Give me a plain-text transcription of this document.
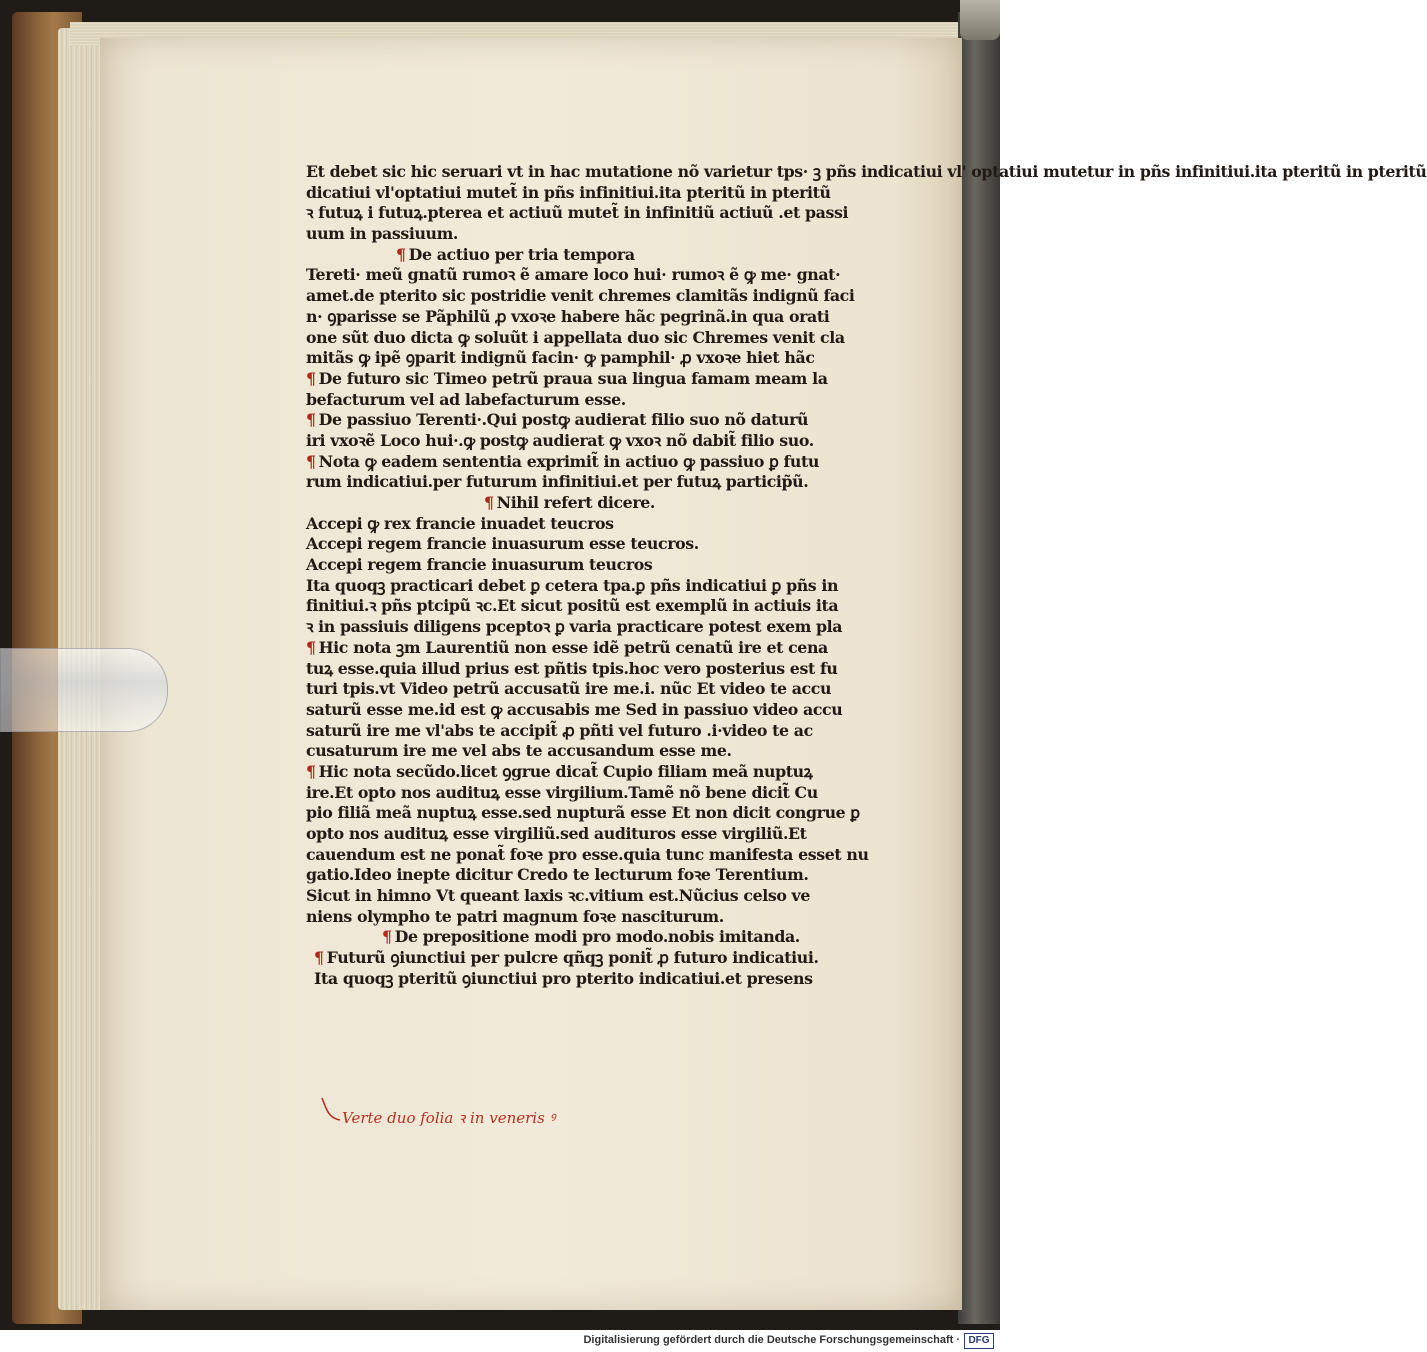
Et debet sic hic seruari vt in hac mutatione nõ varietur tps· ꝫ pñs indicatiui vl' optatiui mutetur in pñs infinitiui.ita pteritũ in pteritũ

dicatiui vl'optatiui mutet̃ in pñs infinitiui.ita pteritũ in pteritũ

ꝛ futuꝝ i futuꝝ.pterea et actiuũ mutet̃ in infinitiũ actiuũ .et passi

uum in passiuum.

¶ De actiuo per tria tempora

Tereti· meũ gnatũ rumoꝛ ẽ amare loco hui· rumoꝛ ẽ ꝙ me· gnat·

amet.de pterito sic postridie venit chremes clamitãs indignũ faci

n· ꝯparisse se Pãphilũ ꝓ vxoꝛe habere hãc pegrinã.in qua orati

one sũt duo dicta ꝙ soluũt i appellata duo sic Chremes venit cla

mitãs ꝙ ipẽ ꝯparit indignũ facin· ꝙ pamphil· ꝓ vxoꝛe hiet hãc

¶ De futuro sic Timeo petrũ praua sua lingua famam meam la

befacturum vel ad labefacturum esse.

¶ De passiuo Terenti·.Qui postꝙ audierat filio suo nõ daturũ

iri vxoꝛẽ Loco hui·.ꝙ postꝙ audierat ꝙ vxoꝛ nõ dabit̃ filio suo.

¶ Nota ꝙ eadem sententia exprimit̃ in actiuo ꝙ passiuo ꝑ futu

rum indicatiui.per futurum infinitiui.et per futuꝝ particip̃ũ.

¶ Nihil refert dicere.

Accepi ꝙ rex francie inuadet teucros

Accepi regem francie inuasurum esse teucros.

Accepi regem francie inuasurum teucros

Ita quoqꝫ practicari debet ꝑ cetera tpa.ꝑ pñs indicatiui ꝑ pñs in

finitiui.ꝛ pñs ptcipũ ꝛc.Et sicut positũ est exemplũ in actiuis ita

ꝛ in passiuis diligens pceptoꝛ ꝑ varia practicare potest exem pla

¶ Hic nota ꝫm Laurentiũ non esse idẽ petrũ cenatũ ire et cena

tuꝝ esse.quia illud prius est pñtis tpis.hoc vero posterius est fu

turi tpis.vt Video petrũ accusatũ ire me.i. nũc Et video te accu

saturũ esse me.id est ꝙ accusabis me Sed in passiuo video accu

saturũ ire me vl'abs te accipit̃ ꝓ pñti vel futuro .i·video te ac

cusaturum ire me vel abs te accusandum esse me.

¶ Hic nota secũdo.licet ꝯgrue dicat̃ Cupio filiam meã nuptuꝝ

ire.Et opto nos audituꝝ esse virgilium.Tamẽ nõ bene dicit̃ Cu

pio filiã meã nuptuꝝ esse.sed nupturã esse Et non dicit congrue ꝑ

opto nos audituꝝ esse virgiliũ.sed audituros esse virgiliũ.Et

cauendum est ne ponat̃ foꝛe pro esse.quia tunc manifesta esset nu

gatio.Ideo inepte dicitur Credo te lecturum foꝛe Terentium.

Sicut in himno Vt queant laxis ꝛc.vitium est.Nũcius celso ve

niens olympho te patri magnum foꝛe nasciturum.

¶ De prepositione modi pro modo.nobis imitanda.

¶ Futurũ ꝯiunctiui per pulcre qñqꝫ ponit̃ ꝓ futuro indicatiui.

Ita quoqꝫ pteritũ ꝯiunctiui pro pterito indicatiui.et presens

Verte duo folia ꝛ in veneris ꝰ
Digitalisierung gefördert durch die Deutsche Forschungsgemeinschaft · DFG
